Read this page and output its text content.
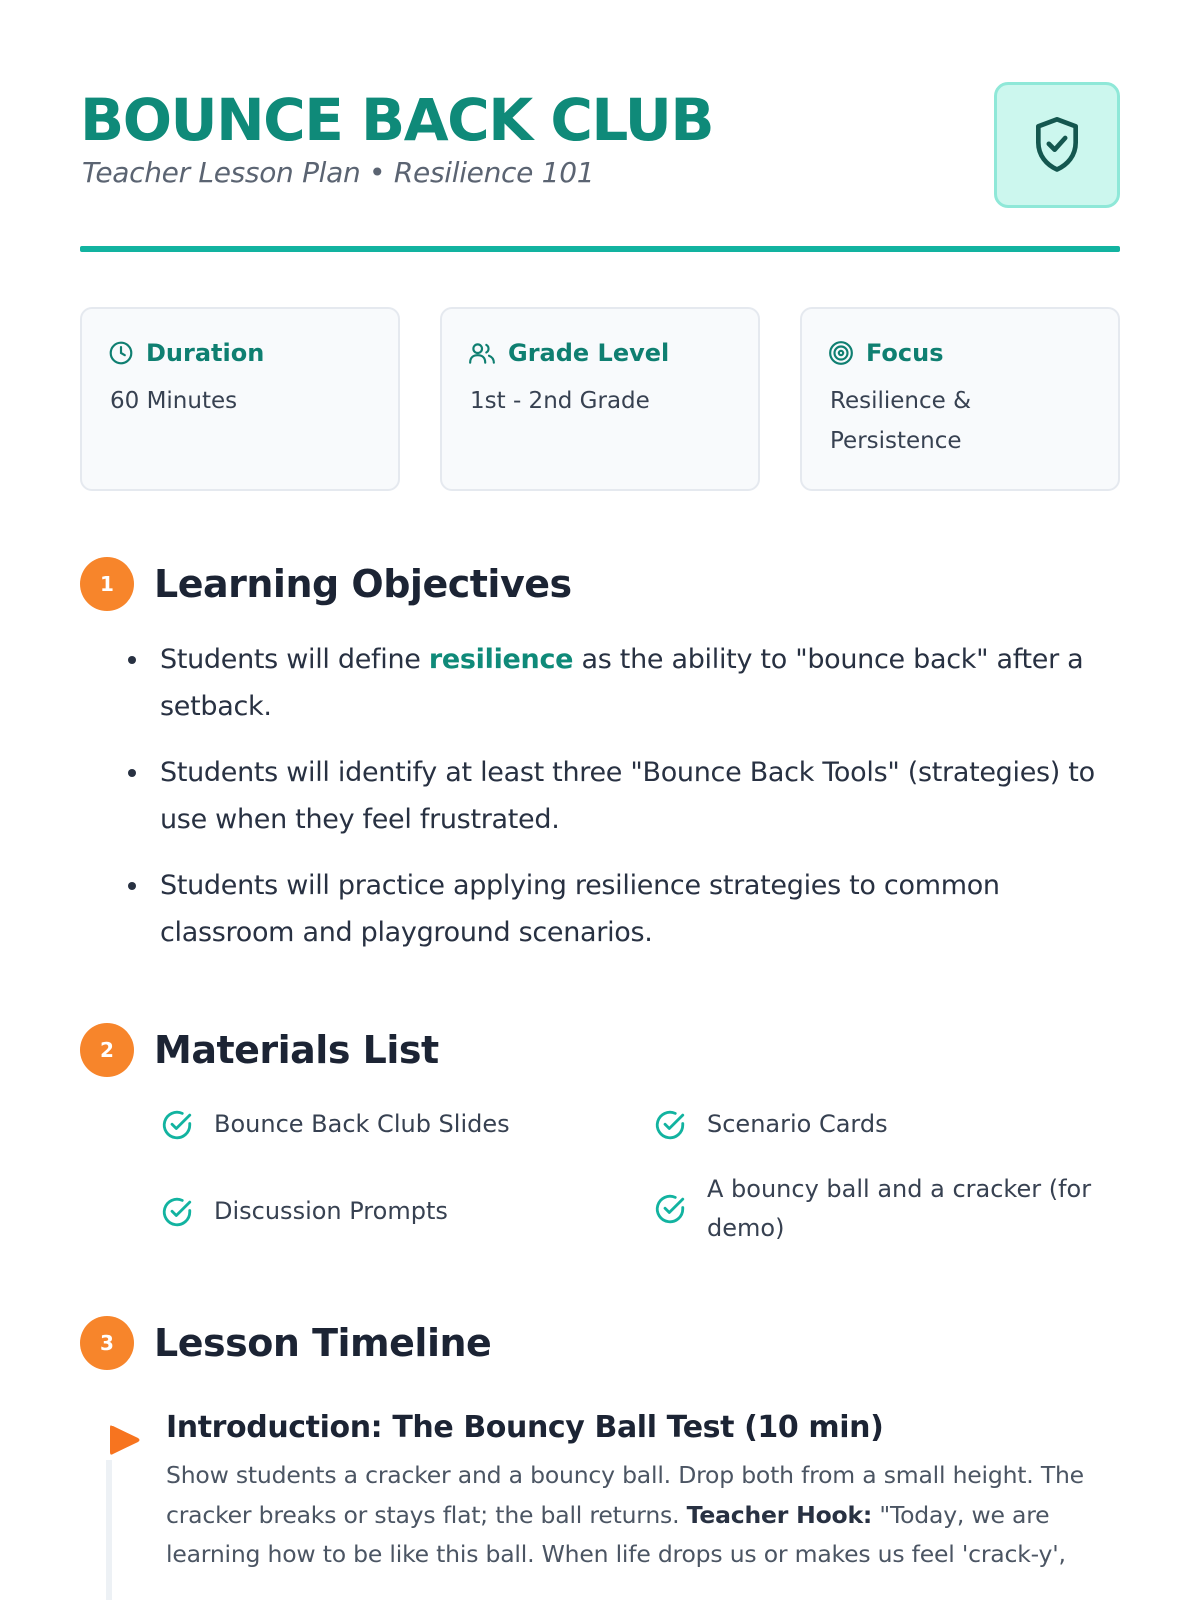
BOUNCE BACK CLUB
Teacher Lesson Plan • Resilience 101
Duration
60 Minutes
Grade Level
1st - 2nd Grade
Focus
Resilience & Persistence
1	Learning Objectives
Students will define resilience as the ability to "bounce back" after a setback.
Students will identify at least three "Bounce Back Tools" (strategies) to use when they feel frustrated.
Students will practice applying resilience strategies to common classroom and playground scenarios.
2	Materials List
Bounce Back Club Slides	Scenario Cards
Discussion Prompts
A bouncy ball and a cracker (for demo)
3	Lesson Timeline
Introduction: The Bouncy Ball Test (10 min)
Show students a cracker and a bouncy ball. Drop both from a small height. The cracker breaks or stays flat; the ball returns. Teacher Hook: "Today, we are learning how to be like this ball. When life drops us or makes us feel 'crack-y',
